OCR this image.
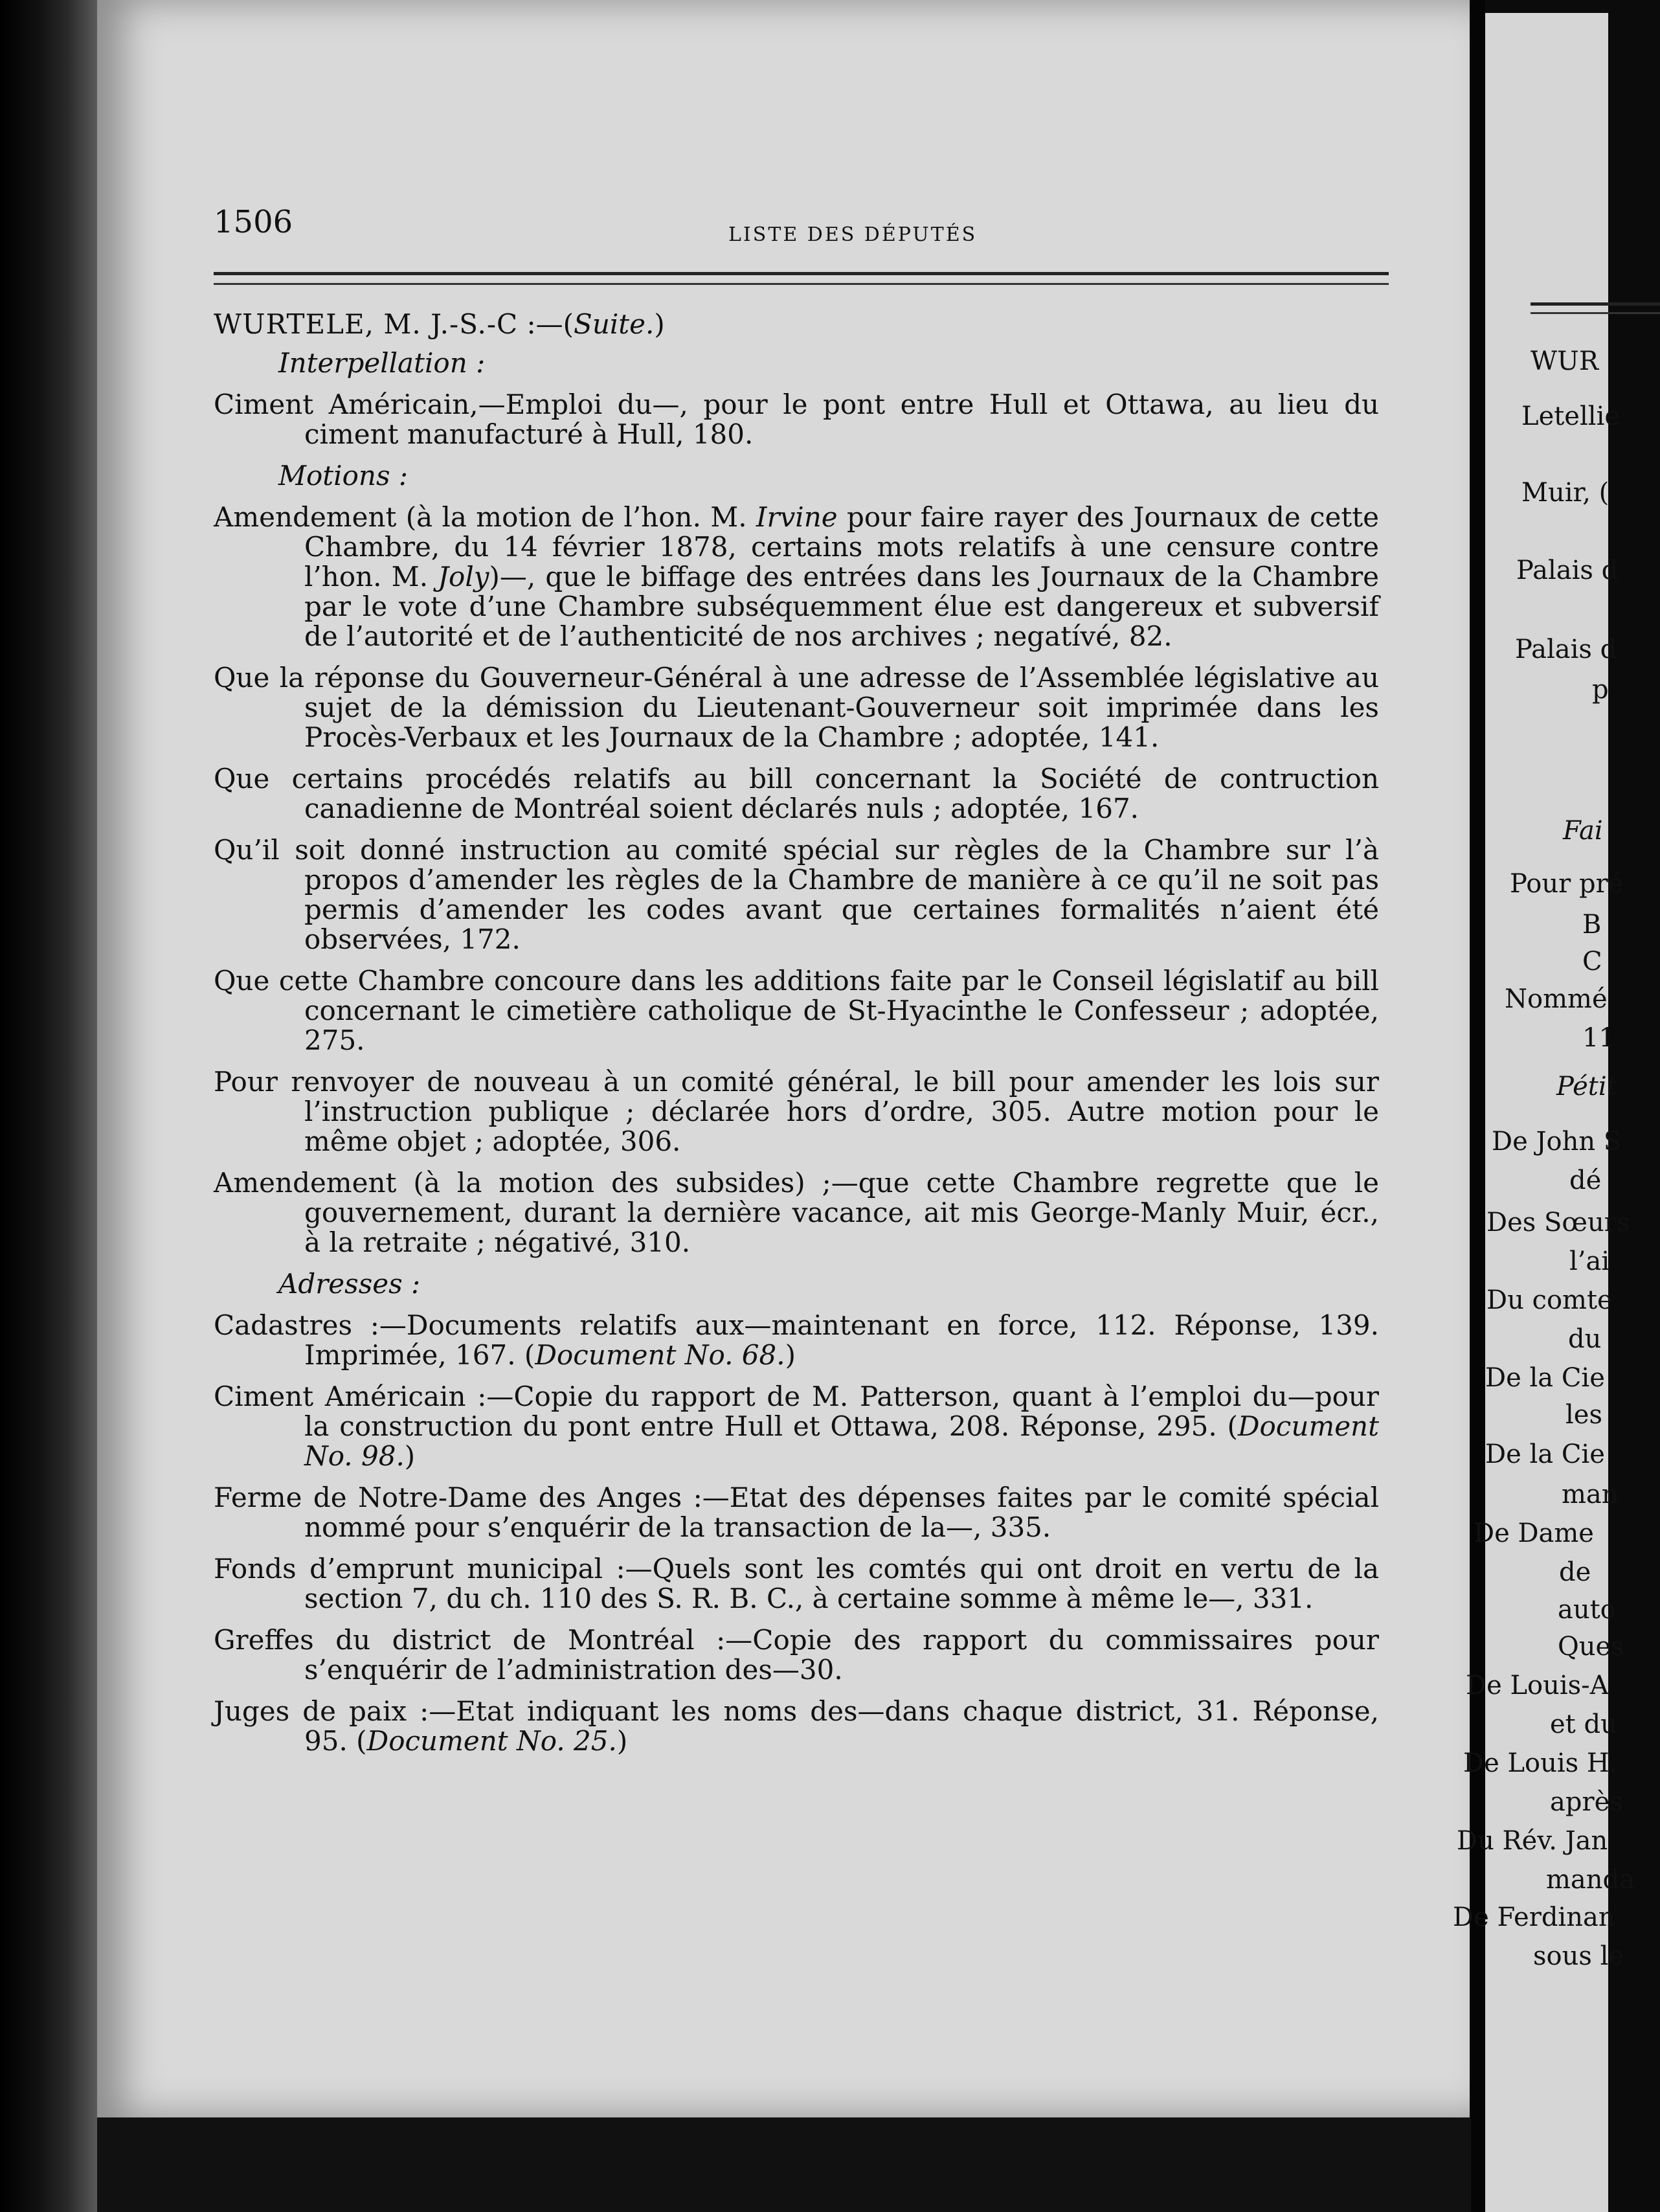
1506	LISTE DES DÉPUTÉS
WURTELE, M. J.-S.-C :—(Suite.)
Interpellation :
Ciment Américain,—Emploi du—, pour le pont entre Hull et Ottawa, au lieu du ciment manufacturé à Hull, 180.
Motions :
Amendement (à la motion de l’hon. M. Irvine pour faire rayer des Journaux de cette Chambre, du 14 février 1878, certains mots relatifs à une censure contre l’hon. M. Joly)—, que le biffage des entrées dans les Journaux de la Chambre par le vote d’une Chambre subséquemment élue est dangereux et subversif de l’autorité et de l’authenticité de nos archives ; negatívé, 82.
Que la réponse du Gouverneur-Général à une adresse de l’Assemblée législative au sujet de la démission du Lieutenant-Gouverneur soit imprimée dans les Procès-Verbaux et les Journaux de la Chambre ; adoptée, 141.
Que certains procédés relatifs au bill concernant la Société de contruction canadienne de Montréal soient déclarés nuls ; adoptée, 167.
Qu’il soit donné instruction au comité spécial sur règles de la Chambre sur l’à propos d’amender les règles de la Chambre de manière à ce qu’il ne soit pas permis d’amender les codes avant que certaines formalités n’aient été observées, 172.
Que cette Chambre concoure dans les additions faite par le Conseil législatif au bill concernant le cimetière catholique de St-Hyacinthe le Confesseur ; adoptée, 275.
Pour renvoyer de nouveau à un comité général, le bill pour amender les lois sur l’instruction publique ; déclarée hors d’ordre, 305. Autre motion pour le même objet ; adoptée, 306.
Amendement (à la motion des subsides) ;—que cette Chambre regrette que le gouvernement, durant la dernière vacance, ait mis George-Manly Muir, écr., à la retraite ; négativé, 310.
Adresses :
Cadastres :—Documents relatifs aux—maintenant en force, 112. Réponse, 139. Imprimée, 167. (Document No. 68.)
Ciment Américain :—Copie du rapport de M. Patterson, quant à l’emploi du—pour la construction du pont entre Hull et Ottawa, 208. Réponse, 295. (Document No. 98.)
Ferme de Notre-Dame des Anges :—Etat des dépenses faites par le comité spécial nommé pour s’enquérir de la transaction de la—, 335.
Fonds d’emprunt municipal :—Quels sont les comtés qui ont droit en vertu de la section 7, du ch. 110 des S. R. B. C., à certaine somme à même le—, 331.
Greffes du district de Montréal :—Copie des rapport du commissaires pour s’enquérir de l’administration des—30.
Juges de paix :—Etat indiquant les noms des—dans chaque district, 31. Réponse, 95. (Document No. 25.)
WUR
Letellie
Muir, (
Palais d
Palais d
p
Fai
Pour pré
B
C
Nommé
11
Pétit
De John S
dé
Des Sœurs
l’ai
Du comte
du
De la Cie
les
De la Cie
man
De Dame
de
auto
Ques
De Louis-A
et du
De Louis H.
après
Du Rév. Jan
manda
De Ferdinan
sous le
